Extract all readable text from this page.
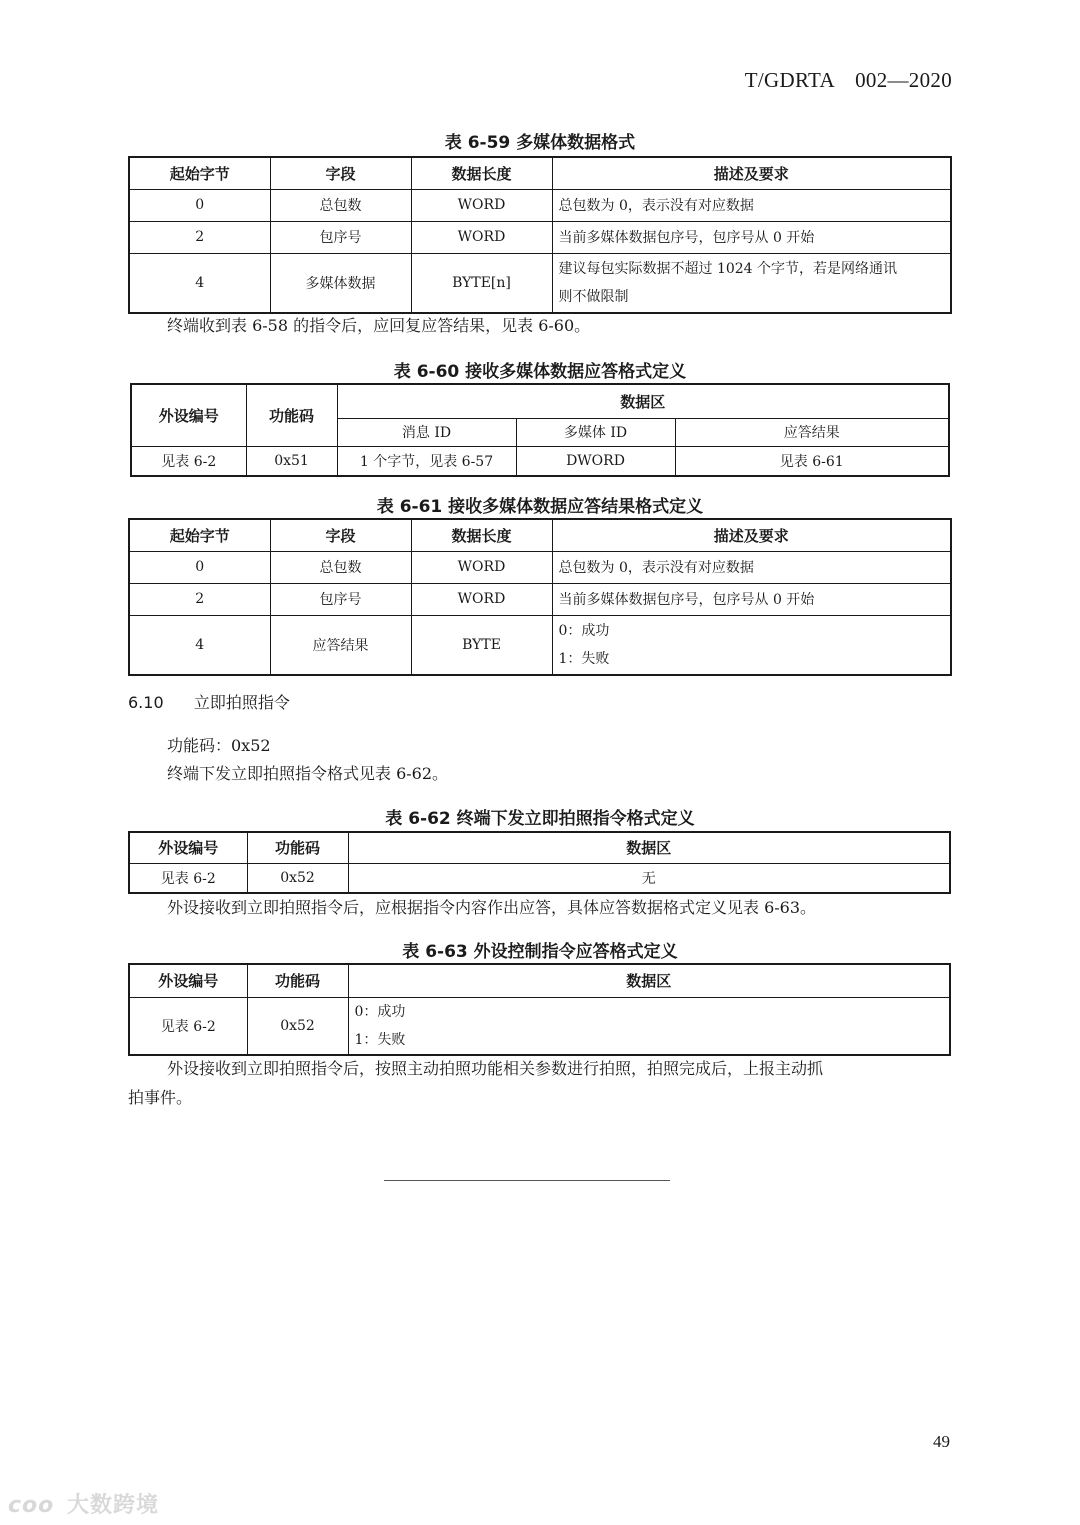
T/GDRTA　002—2020
表 6-59 多媒体数据格式
起始字节	字段	数据长度	描述及要求
0	总包数	WORD	总包数为 0，表示没有对应数据
2	包序号	WORD	当前多媒体数据包序号，包序号从 0 开始
4	多媒体数据	BYTE[n]	建议每包实际数据不超过 1024 个字节，若是网络通讯
则不做限制
终端收到表 6-58 的指令后，应回复应答结果，见表 6-60。
表 6-60 接收多媒体数据应答格式定义
外设编号	功能码	数据区		
		消息 ID	多媒体 ID	应答结果
见表 6-2	0x51	1 个字节，见表 6-57	DWORD	见表 6-61
表 6-61 接收多媒体数据应答结果格式定义
起始字节	字段	数据长度	描述及要求
0	总包数	WORD	总包数为 0，表示没有对应数据
2	包序号	WORD	当前多媒体数据包序号，包序号从 0 开始
4	应答结果	BYTE	0：成功
1：失败
6.10 立即拍照指令
功能码：0x52
终端下发立即拍照指令格式见表 6-62。
表 6-62 终端下发立即拍照指令格式定义
外设编号	功能码	数据区
见表 6-2	0x52	无
外设接收到立即拍照指令后，应根据指令内容作出应答，具体应答数据格式定义见表 6-63。
表 6-63 外设控制指令应答格式定义
外设编号	功能码	数据区
见表 6-2	0x52	0：成功
1：失败
外设接收到立即拍照指令后，按照主动拍照功能相关参数进行拍照，拍照完成后，上报主动抓
拍事件。
49
ᴄᴏᴏ 大数跨境
